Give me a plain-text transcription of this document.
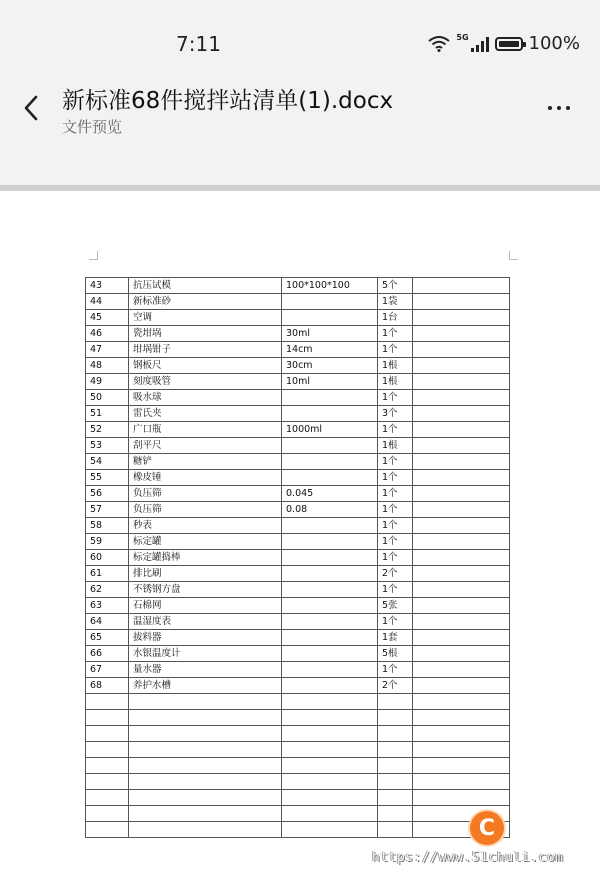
7:11	5G	100%
新标准68件搅拌站清单(1).docx
文件预览
43	抗压试模	100*100*100	5个	
44	新标准砂		1袋	
45	空调		1台	
46	瓷坩埚	30ml	1个	
47	坩埚钳子	14cm	1个	
48	钢板尺	30cm	1根	
49	刻度吸管	10ml	1根	
50	吸水球		1个	
51	雷氏夹		3个	
52	广口瓶	1000ml	1个	
53	刮平尺		1根	
54	糖铲		1个	
55	橡皮锤		1个	
56	负压筛	0.045	1个	
57	负压筛	0.08	1个	
58	秒表		1个	
59	标定罐		1个	
60	标定罐捣棒		1个	
61	排比刷		2个	
62	不锈钢方盘		1个	
63	石棉网		5张	
64	温湿度表		1个	
65	拔料器		1套	
66	水银温度计		5根	
67	量水器		1个	
68	养护水槽		2个	

C
https://www.51chuli.com
